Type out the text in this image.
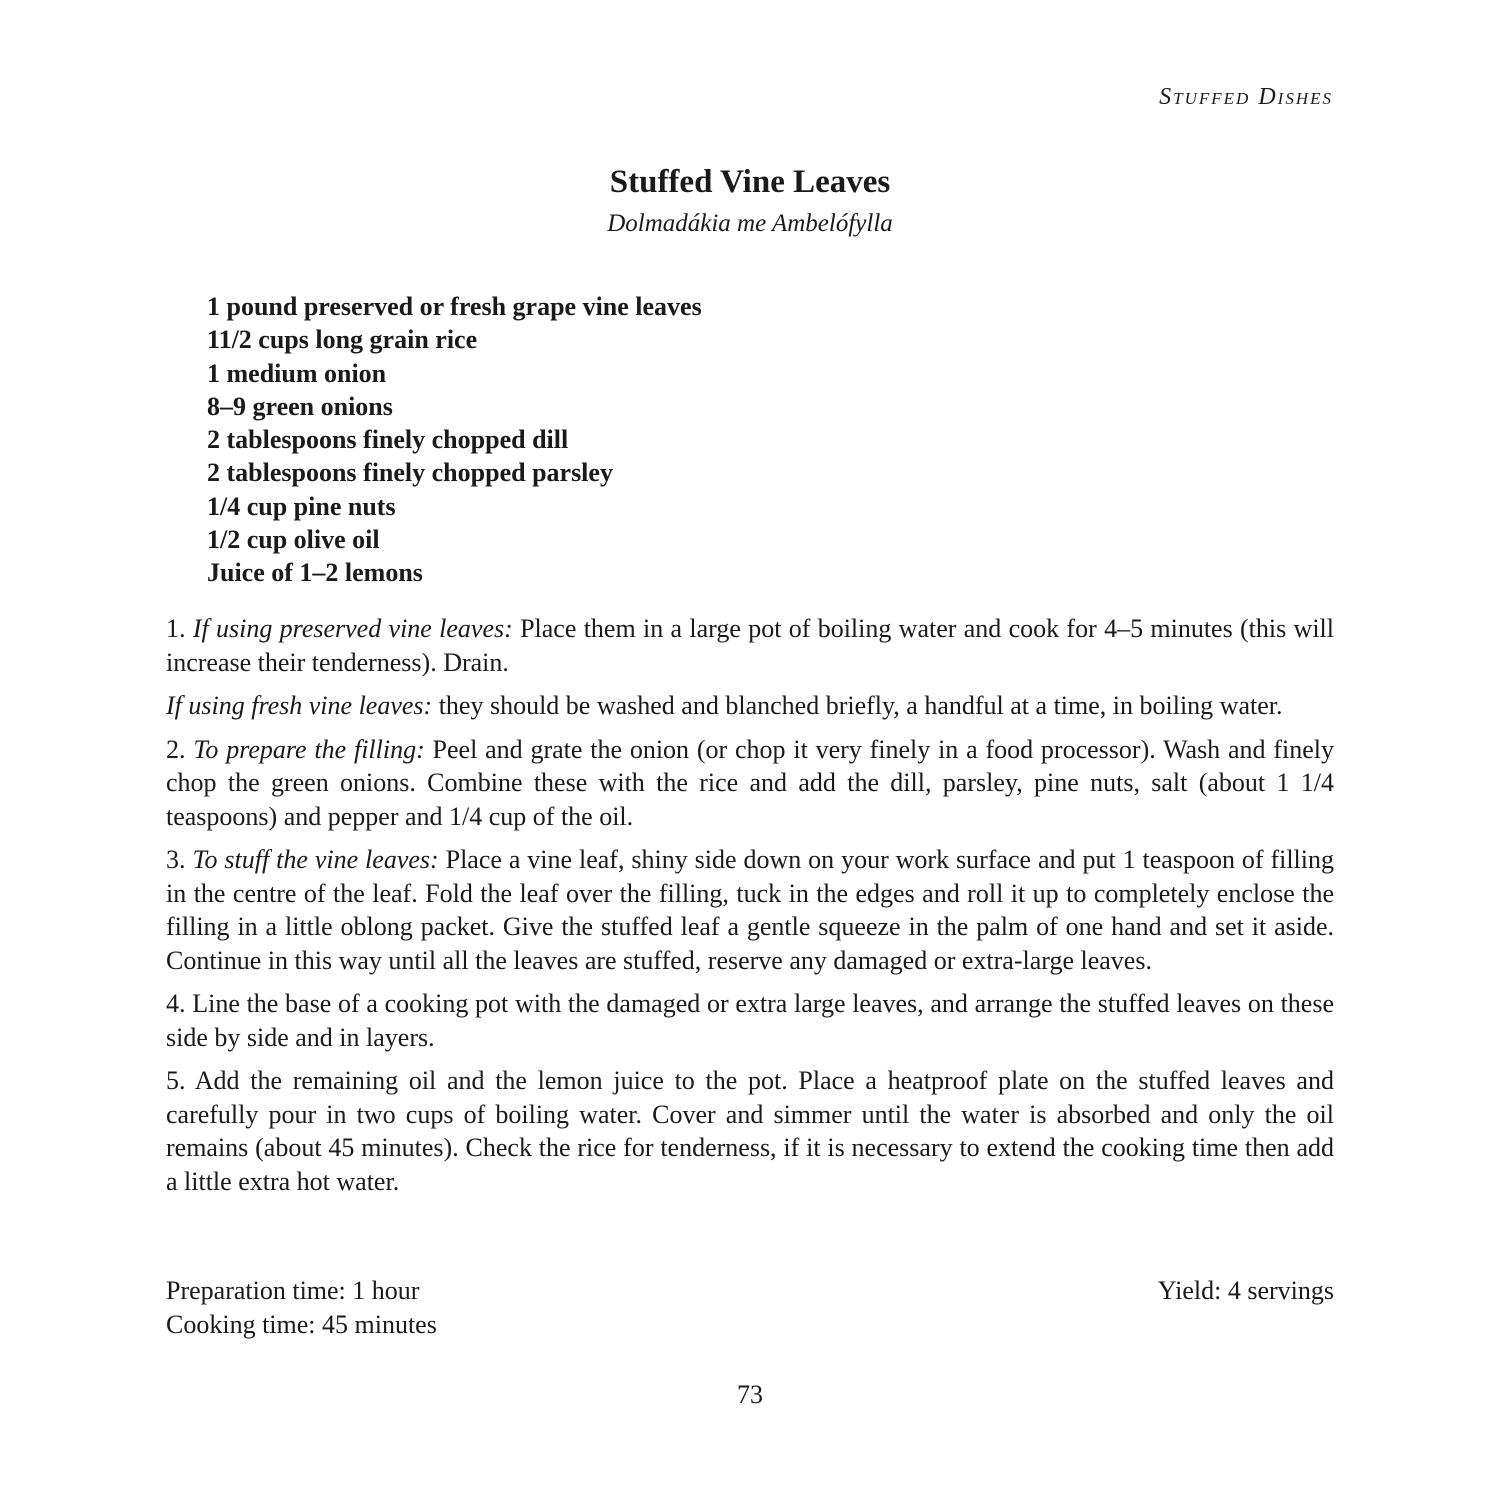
Stuffed Dishes
Stuffed Vine Leaves

Dolmadákia me Ambelófylla

1 pound preserved or fresh grape vine leaves
11/2 cups long grain rice
1 medium onion
8–9 green onions
2 tablespoons finely chopped dill
2 tablespoons finely chopped parsley
1/4 cup pine nuts
1/2 cup olive oil
Juice of 1–2 lemons

1. If using preserved vine leaves: Place them in a large pot of boiling water and cook for 4–5 minutes (this will increase their tenderness). Drain.

If using fresh vine leaves: they should be washed and blanched briefly, a handful at a time, in boiling water.

2. To prepare the filling: Peel and grate the onion (or chop it very finely in a food processor). Wash and finely chop the green onions. Combine these with the rice and add the dill, parsley, pine nuts, salt (about 1 1/4 teaspoons) and pepper and 1/4 cup of the oil.

3. To stuff the vine leaves: Place a vine leaf, shiny side down on your work surface and put 1 teaspoon of filling in the centre of the leaf. Fold the leaf over the filling, tuck in the edges and roll it up to completely enclose the filling in a little oblong packet. Give the stuffed leaf a gentle squeeze in the palm of one hand and set it aside. Continue in this way until all the leaves are stuffed, reserve any damaged or extra-large leaves.

4. Line the base of a cooking pot with the damaged or extra large leaves, and arrange the stuffed leaves on these side by side and in layers.

5. Add the remaining oil and the lemon juice to the pot. Place a heatproof plate on the stuffed leaves and carefully pour in two cups of boiling water. Cover and simmer until the water is absorbed and only the oil remains (about 45 minutes). Check the rice for tenderness, if it is necessary to extend the cooking time then add a little extra hot water.

Preparation time: 1 hour
Cooking time: 45 minutes
Yield: 4 servings
73
